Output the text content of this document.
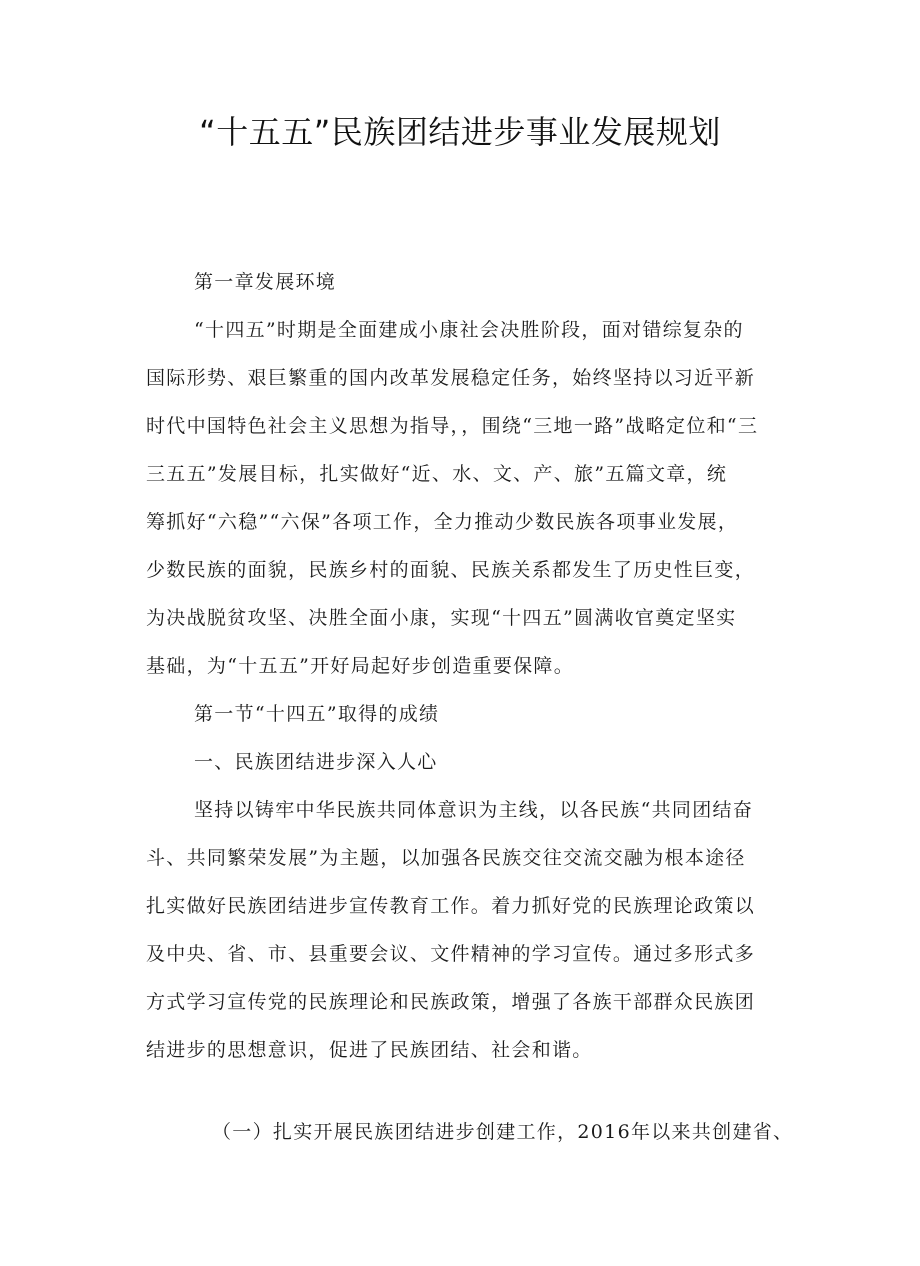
“十五五”民族团结进步事业发展规划

第一章发展环境

“十四五”时期是全面建成小康社会决胜阶段，面对错综复杂的

国际形势、艰巨繁重的国内改革发展稳定任务，始终坚持以习近平新

时代中国特色社会主义思想为指导，，围绕“三地一路”战略定位和“三

三五五”发展目标，扎实做好“近、水、文、产、旅”五篇文章，统

筹抓好“六稳”“六保”各项工作，全力推动少数民族各项事业发展，

少数民族的面貌，民族乡村的面貌、民族关系都发生了历史性巨变，

为决战脱贫攻坚、决胜全面小康，实现“十四五”圆满收官奠定坚实

基础，为“十五五”开好局起好步创造重要保障。

第一节“十四五”取得的成绩

一、民族团结进步深入人心

坚持以铸牢中华民族共同体意识为主线，以各民族“共同团结奋

斗、共同繁荣发展”为主题，以加强各民族交往交流交融为根本途径

扎实做好民族团结进步宣传教育工作。着力抓好党的民族理论政策以

及中央、省、市、县重要会议、文件精神的学习宣传。通过多形式多

方式学习宣传党的民族理论和民族政策，增强了各族干部群众民族团

结进步的思想意识，促进了民族团结、社会和谐。

（一）扎实开展民族团结进步创建工作，2016年以来共创建省、
